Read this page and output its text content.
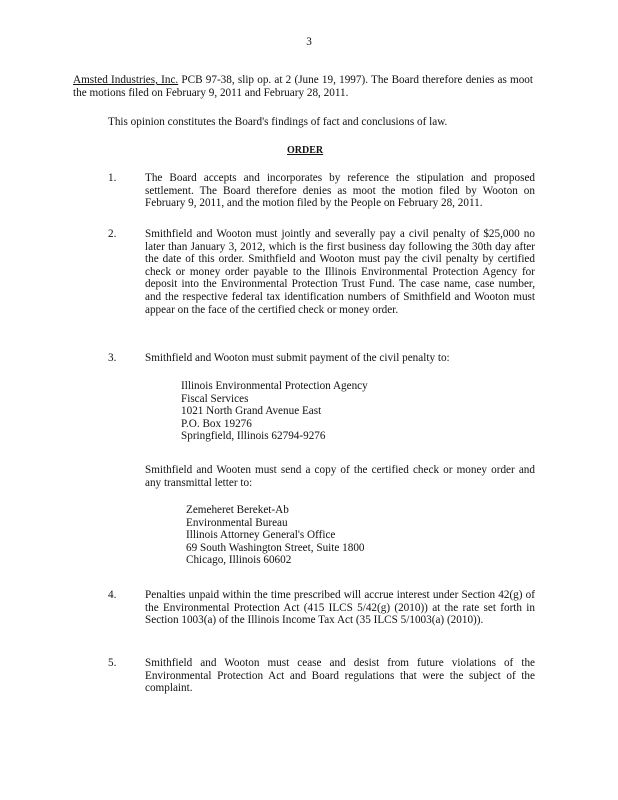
3
Amsted Industries, Inc. PCB 97-38, slip op. at 2 (June 19, 1997). The Board therefore denies as moot the motions filed on February 9, 2011 and February 28, 2011.
This opinion constitutes the Board's findings of fact and conclusions of law.
ORDER
1.	The Board accepts and incorporates by reference the stipulation and proposed settlement. The Board therefore denies as moot the motion filed by Wooton on February 9, 2011, and the motion filed by the People on February 28, 2011.
2.	Smithfield and Wooton must jointly and severally pay a civil penalty of $25,000 no later than January 3, 2012, which is the first business day following the 30th day after the date of this order. Smithfield and Wooton must pay the civil penalty by certified check or money order payable to the Illinois Environmental Protection Agency for deposit into the Environmental Protection Trust Fund. The case name, case number, and the respective federal tax identification numbers of Smithfield and Wooton must appear on the face of the certified check or money order.
3.	Smithfield and Wooton must submit payment of the civil penalty to:
Illinois Environmental Protection Agency
Fiscal Services
1021 North Grand Avenue East
P.O. Box 19276
Springfield, Illinois 62794-9276
Smithfield and Wooten must send a copy of the certified check or money order and any transmittal letter to:
Zemeheret Bereket-Ab
Environmental Bureau
Illinois Attorney General's Office
69 South Washington Street, Suite 1800
Chicago, Illinois 60602
4.	Penalties unpaid within the time prescribed will accrue interest under Section 42(g) of the Environmental Protection Act (415 ILCS 5/42(g) (2010)) at the rate set forth in Section 1003(a) of the Illinois Income Tax Act (35 ILCS 5/1003(a) (2010)).
5.	Smithfield and Wooton must cease and desist from future violations of the Environmental Protection Act and Board regulations that were the subject of the complaint.
